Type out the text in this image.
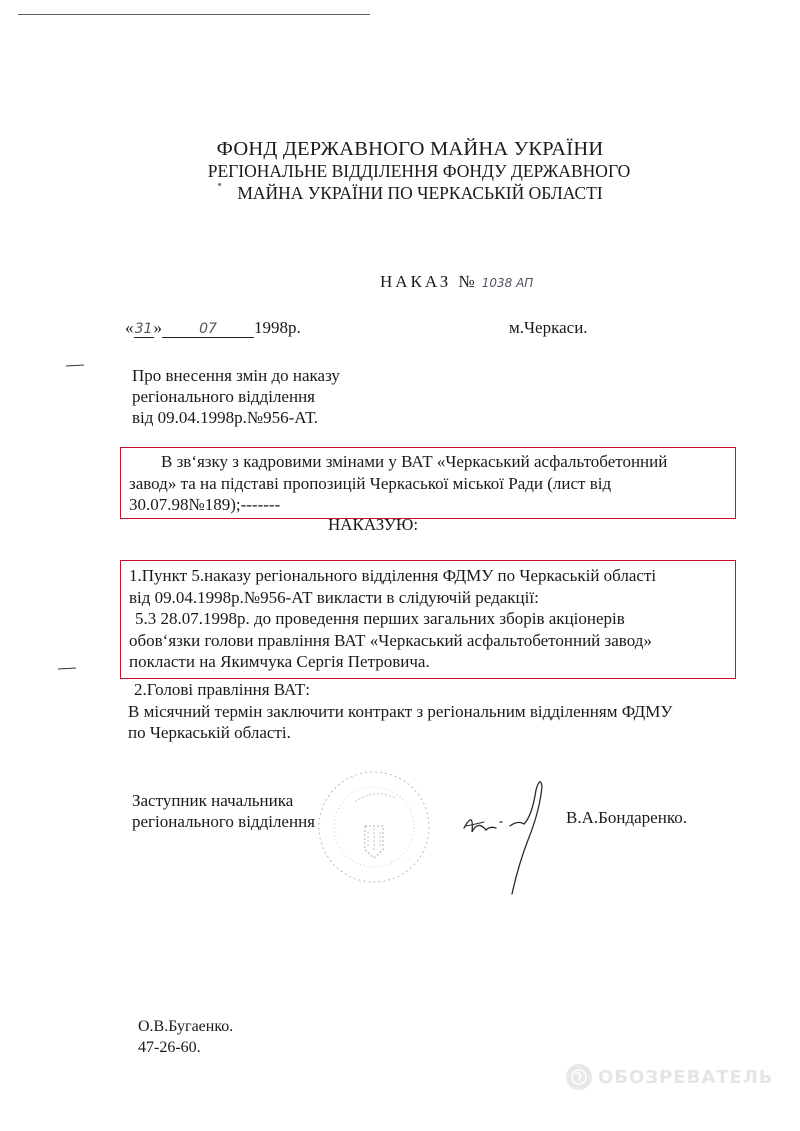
ФОНД ДЕРЖАВНОГО МАЙНА УКРАЇНИ
РЕГІОНАЛЬНЕ ВІДДІЛЕННЯ ФОНДУ ДЕРЖАВНОГО
МАЙНА УКРАЇНИ ПО ЧЕРКАСЬКІЙ ОБЛАСТІ
НАКАЗ № 1038 АП
«31»	07 1998р.	м.Черкаси.
Про внесення змін до наказу
регіонального відділення
від 09.04.1998р.№956-АТ.
В зв‘язку з кадровими змінами у ВАТ «Черкаський асфальтобетонний
завод» та на підставі пропозицій Черкаської міської Ради (лист від
30.07.98№189);-------
НАКАЗУЮ:
1.Пункт 5.наказу регіонального відділення ФДМУ по Черкаській області
від 09.04.1998р.№956-АТ викласти в слідуючій редакції:
5.3 28.07.1998р. до проведення перших загальних зборів акціонерів
обов‘язки голови правління ВАТ «Черкаський асфальтобетонний завод»
покласти на Якимчука Сергія Петровича.
2.Голові правління ВАТ:
В місячний термін заключити контракт з регіональним відділенням ФДМУ
по Черкаській області.
Заступник начальника
регіонального відділення	В.А.Бондаренко.
О.В.Бугаенко.
47-26-60.
ОБОЗРЕВАТЕЛЬ
